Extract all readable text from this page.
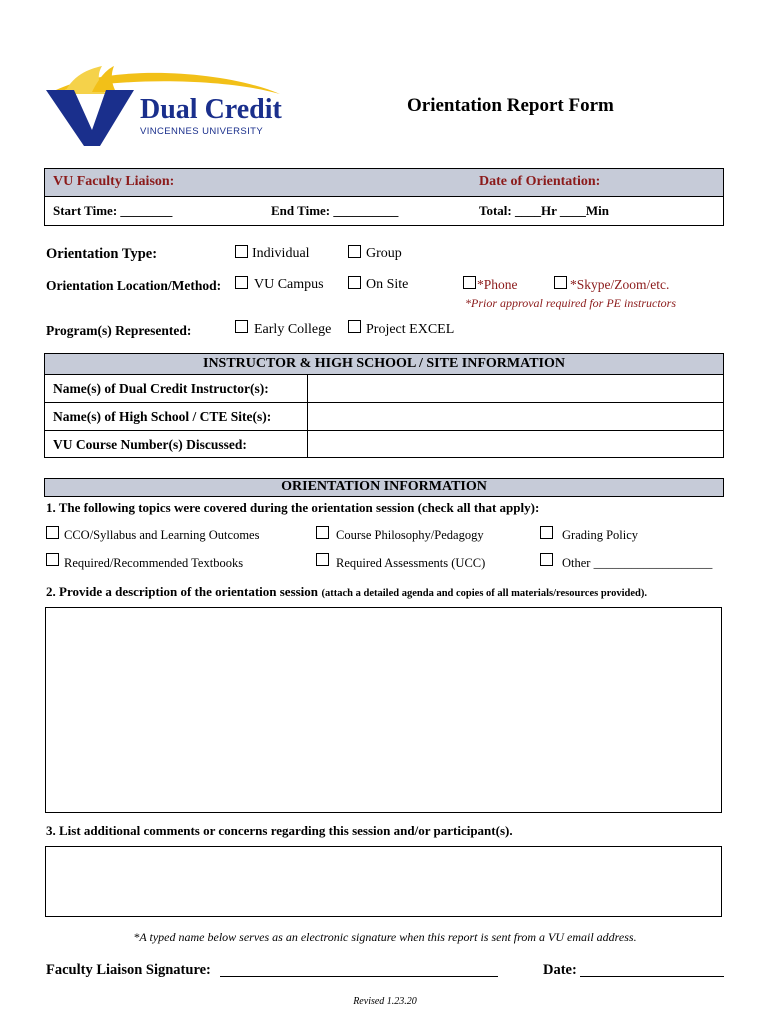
Dual Credit
VINCENNES UNIVERSITY
Orientation Report Form
VU Faculty Liaison:	Date of Orientation:
Start Time: ________	End Time: __________	Total: ____Hr ____Min
Orientation Type:	Individual	Group
Orientation Location/Method: VU Campus	On Site	*Phone	*Skype/Zoom/etc.
*Prior approval required for PE instructors
Program(s) Represented:	Early College Project EXCEL
INSTRUCTOR & HIGH SCHOOL / SITE INFORMATION
Name(s) of Dual Credit Instructor(s):
Name(s) of High School / CTE Site(s):
VU Course Number(s) Discussed:
ORIENTATION INFORMATION
1. The following topics were covered during the orientation session (check all that apply):
CCO/Syllabus and Learning Outcomes	Course Philosophy/Pedagogy	Grading Policy
Required/Recommended Textbooks	Required Assessments (UCC)	Other ___________________
2. Provide a description of the orientation session (attach a detailed agenda and copies of all materials/resources provided).
3. List additional comments or concerns regarding this session and/or participant(s).
*A typed name below serves as an electronic signature when this report is sent from a VU email address.
Faculty Liaison Signature:	Date:
Revised 1.23.20
